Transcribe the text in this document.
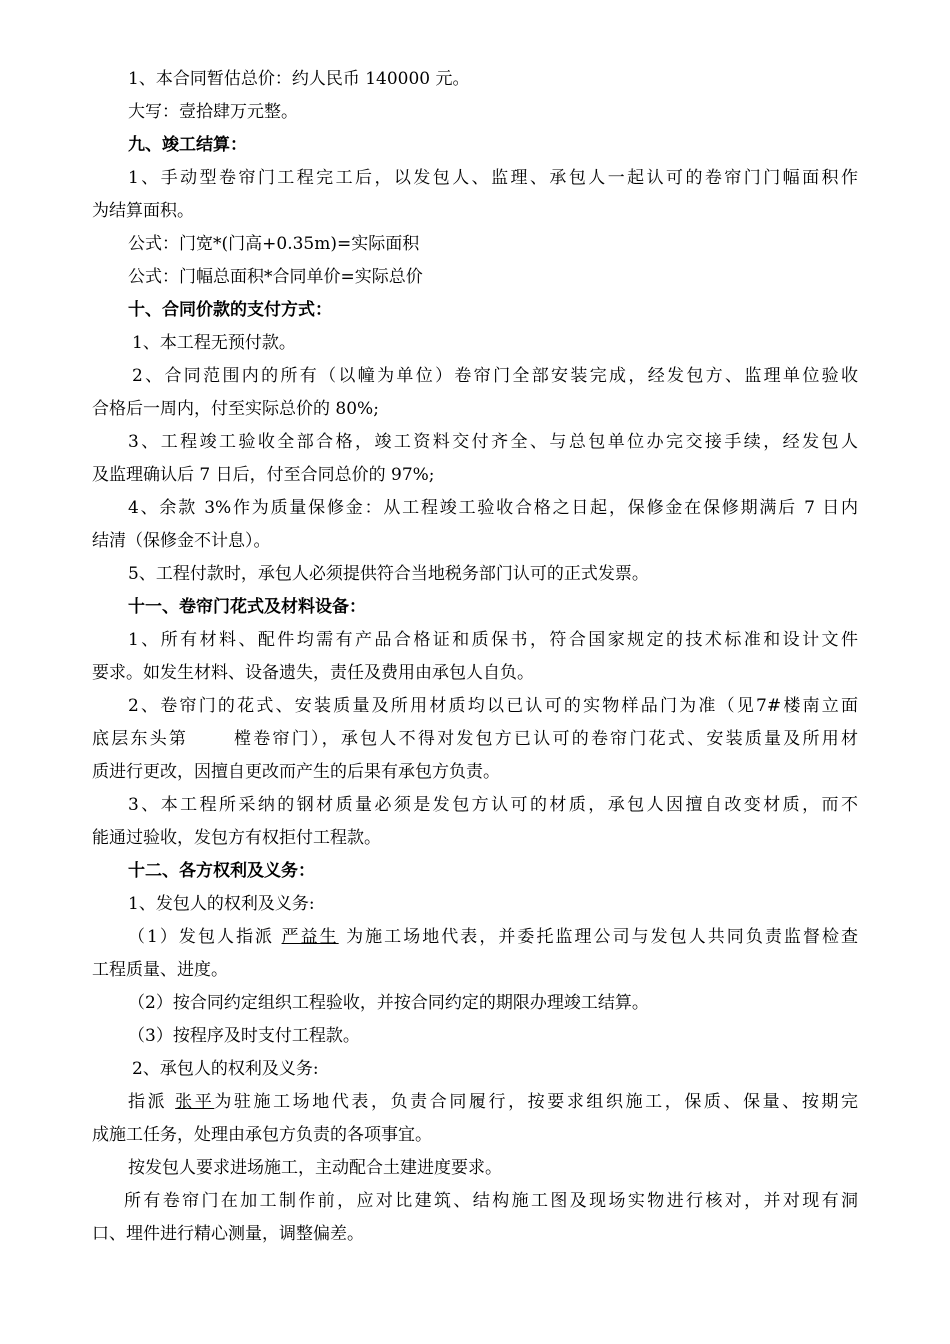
1、本合同暂估总价：约人民币 140000 元。

大写：壹拾肆万元整。

九、竣工结算：

1、手动型卷帘门工程完工后，以发包人、监理、承包人一起认可的卷帘门门幅面积作

为结算面积。

公式：门宽*(门高+0.35m)=实际面积

公式：门幅总面积*合同单价=实际总价

十、合同价款的支付方式：

1、本工程无预付款。

2、合同范围内的所有（以幢为单位）卷帘门全部安装完成，经发包方、监理单位验收

合格后一周内，付至实际总价的 80%;

3、工程竣工验收全部合格，竣工资料交付齐全、与总包单位办完交接手续，经发包人

及监理确认后 7 日后，付至合同总价的 97%;

4、余款 3%作为质量保修金：从工程竣工验收合格之日起，保修金在保修期满后 7 日内

结清（保修金不计息）。

5、工程付款时，承包人必须提供符合当地税务部门认可的正式发票。

十一、卷帘门花式及材料设备：

1、所有材料、配件均需有产品合格证和质保书，符合国家规定的技术标准和设计文件

要求。如发生材料、设备遗失，责任及费用由承包人自负。

2、卷帘门的花式、安装质量及所用材质均以已认可的实物样品门为准（见7#楼南立面

底层东头第      樘卷帘门），承包人不得对发包方已认可的卷帘门花式、安装质量及所用材

质进行更改，因擅自更改而产生的后果有承包方负责。

3、本工程所采纳的钢材质量必须是发包方认可的材质，承包人因擅自改变材质，而不

能通过验收，发包方有权拒付工程款。

十二、各方权利及义务：

1、发包人的权利及义务:

（1）发包人指派 严益生 为施工场地代表，并委托监理公司与发包人共同负责监督检查

工程质量、进度。

（2）按合同约定组织工程验收，并按合同约定的期限办理竣工结算。

（3）按程序及时支付工程款。

2、承包人的权利及义务:

指派 张平为驻施工场地代表，负责合同履行，按要求组织施工，保质、保量、按期完

成施工任务，处理由承包方负责的各项事宜。

按发包人要求进场施工，主动配合土建进度要求。

所有卷帘门在加工制作前，应对比建筑、结构施工图及现场实物进行核对，并对现有洞

口、埋件进行精心测量，调整偏差。
